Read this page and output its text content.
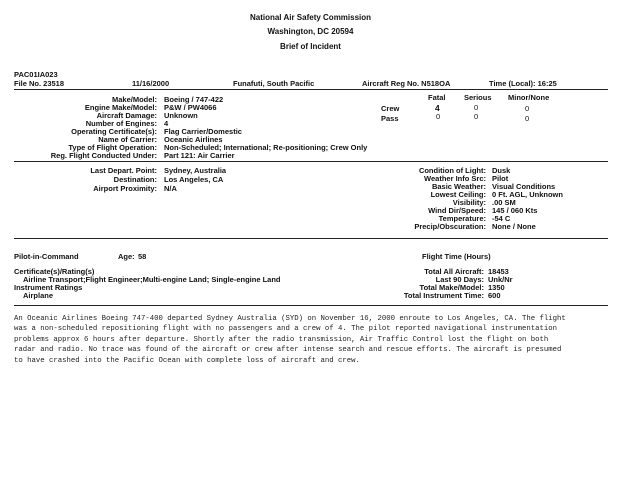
National Air Safety Commission
Washington, DC 20594
Brief of Incident
PAC01IA023
File No. 23518	11/16/2000	Funafuti, South Pacific	Aircraft Reg No. N518OA	Time (Local): 16:25
Make/Model: Boeing / 747-422
Engine Make/Model: P&W / PW4066
Aircraft Damage: Unknown
Number of Engines: 4
Operating Certificate(s): Flag Carrier/Domestic
Name of Carrier: Oceanic Airlines
Type of Flight Operation: Non-Scheduled; International; Re-positioning; Crew Only
Reg. Flight Conducted Under: Part 121: Air Carrier
Fatal Serious Minor/None
Crew	4	0	0
Pass	0	0	0
Last Depart. Point: Sydney, Australia
Destination: Los Angeles, CA
Airport Proximity: N/A
Condition of Light: Dusk
Weather Info Src: Pilot
Basic Weather: Visual Conditions
Lowest Ceiling: 0 Ft. AGL, Unknown
Visibility: .00 SM
Wind Dir/Speed: 145 / 060 Kts
Temperature: -54 C
Precip/Obscuration: None / None
Pilot-in-Command	Age: 58
Certificate(s)/Rating(s)
Airline Transport;Flight Engineer;Multi-engine Land; Single-engine Land
Instrument Ratings
Airplane
Flight Time (Hours)
Total All Aircraft: 18453
Last 90 Days: Unk/Nr
Total Make/Model: 1350
Total Instrument Time: 600
An Oceanic Airlines Boeing 747-400 departed Sydney Australia (SYD) on November 16, 2000 enroute to Los Angeles, CA. The flight
was a non-scheduled repositioning flight with no passengers and a crew of 4. The pilot reported navigational instrumentation
problems approx 6 hours after departure. Shortly after the radio transmission, Air Traffic Control lost the flight on both
radar and radio. No trace was found of the aircraft or crew after intense search and rescue efforts. The aircraft is presumed
to have crashed into the Pacific Ocean with complete loss of aircraft and crew.
